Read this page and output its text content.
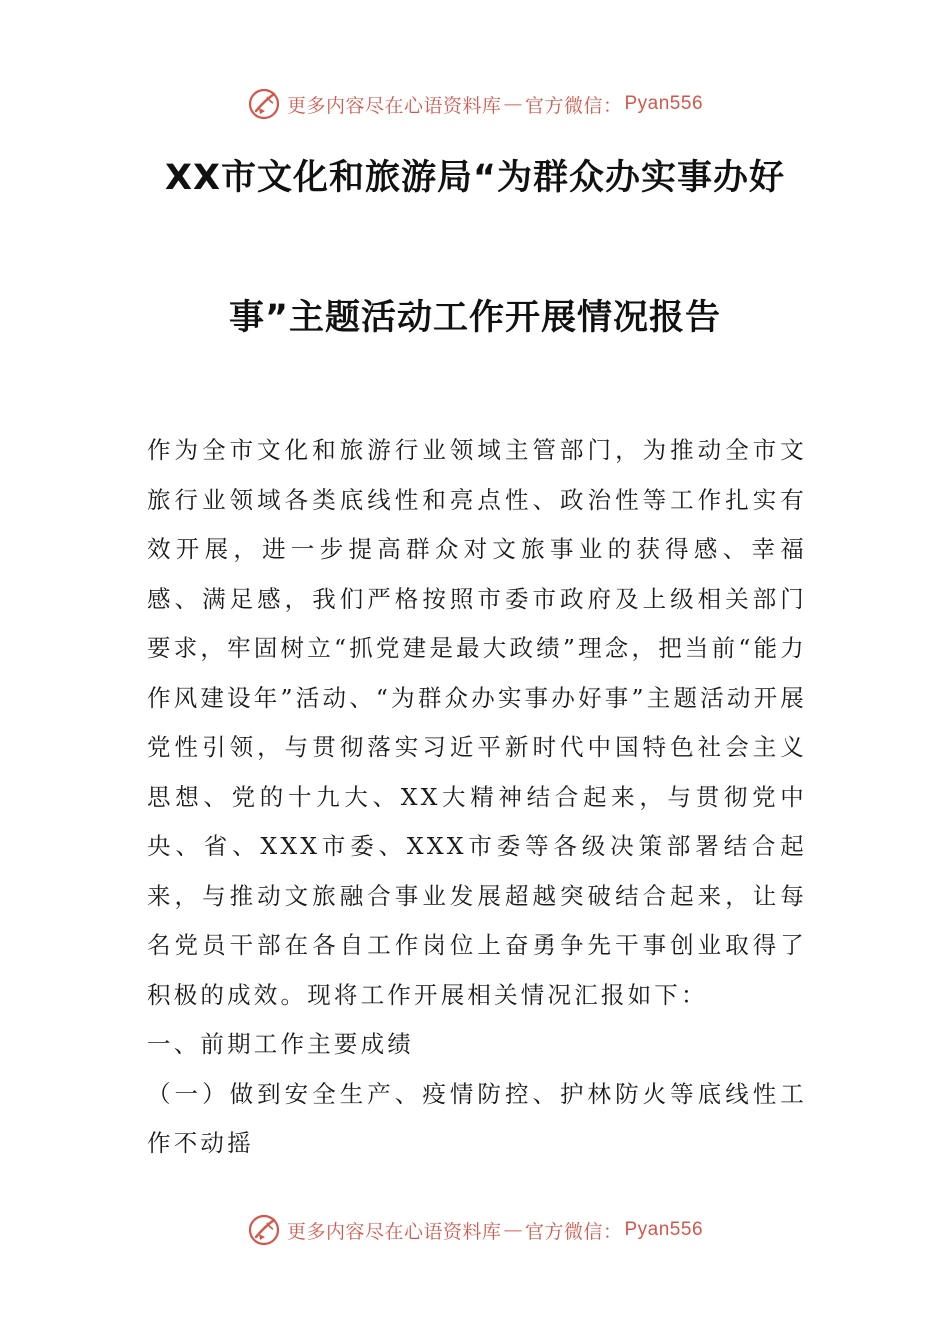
更多内容尽在心语资料库 — 官方微信： Pyan556
XX市文化和旅游局“为群众办实事办好
事”主题活动工作开展情况报告

作为全市文化和旅游行业领域主管部门，为推动全市文旅行业领域各类底线性和亮点性、政治性等工作扎实有效开展，进一步提高群众对文旅事业的获得感、幸福感、满足感，我们严格按照市委市政府及上级相关部门要求，牢固树立“抓党建是最大政绩”理念，把当前“能力作风建设年”活动、“为群众办实事办好事”主题活动开展党性引领，与贯彻落实习近平新时代中国特色社会主义思想、党的十九大、XX大精神结合起来，与贯彻党中央、省、XXX市委、XXX市委等各级决策部署结合起来，与推动文旅融合事业发展超越突破结合起来，让每名党员干部在各自工作岗位上奋勇争先干事创业取得了积极的成效。现将工作开展相关情况汇报如下：

一、前期工作主要成绩

（一）做到安全生产、疫情防控、护林防火等底线性工作不动摇

更多内容尽在心语资料库 — 官方微信： Pyan556
